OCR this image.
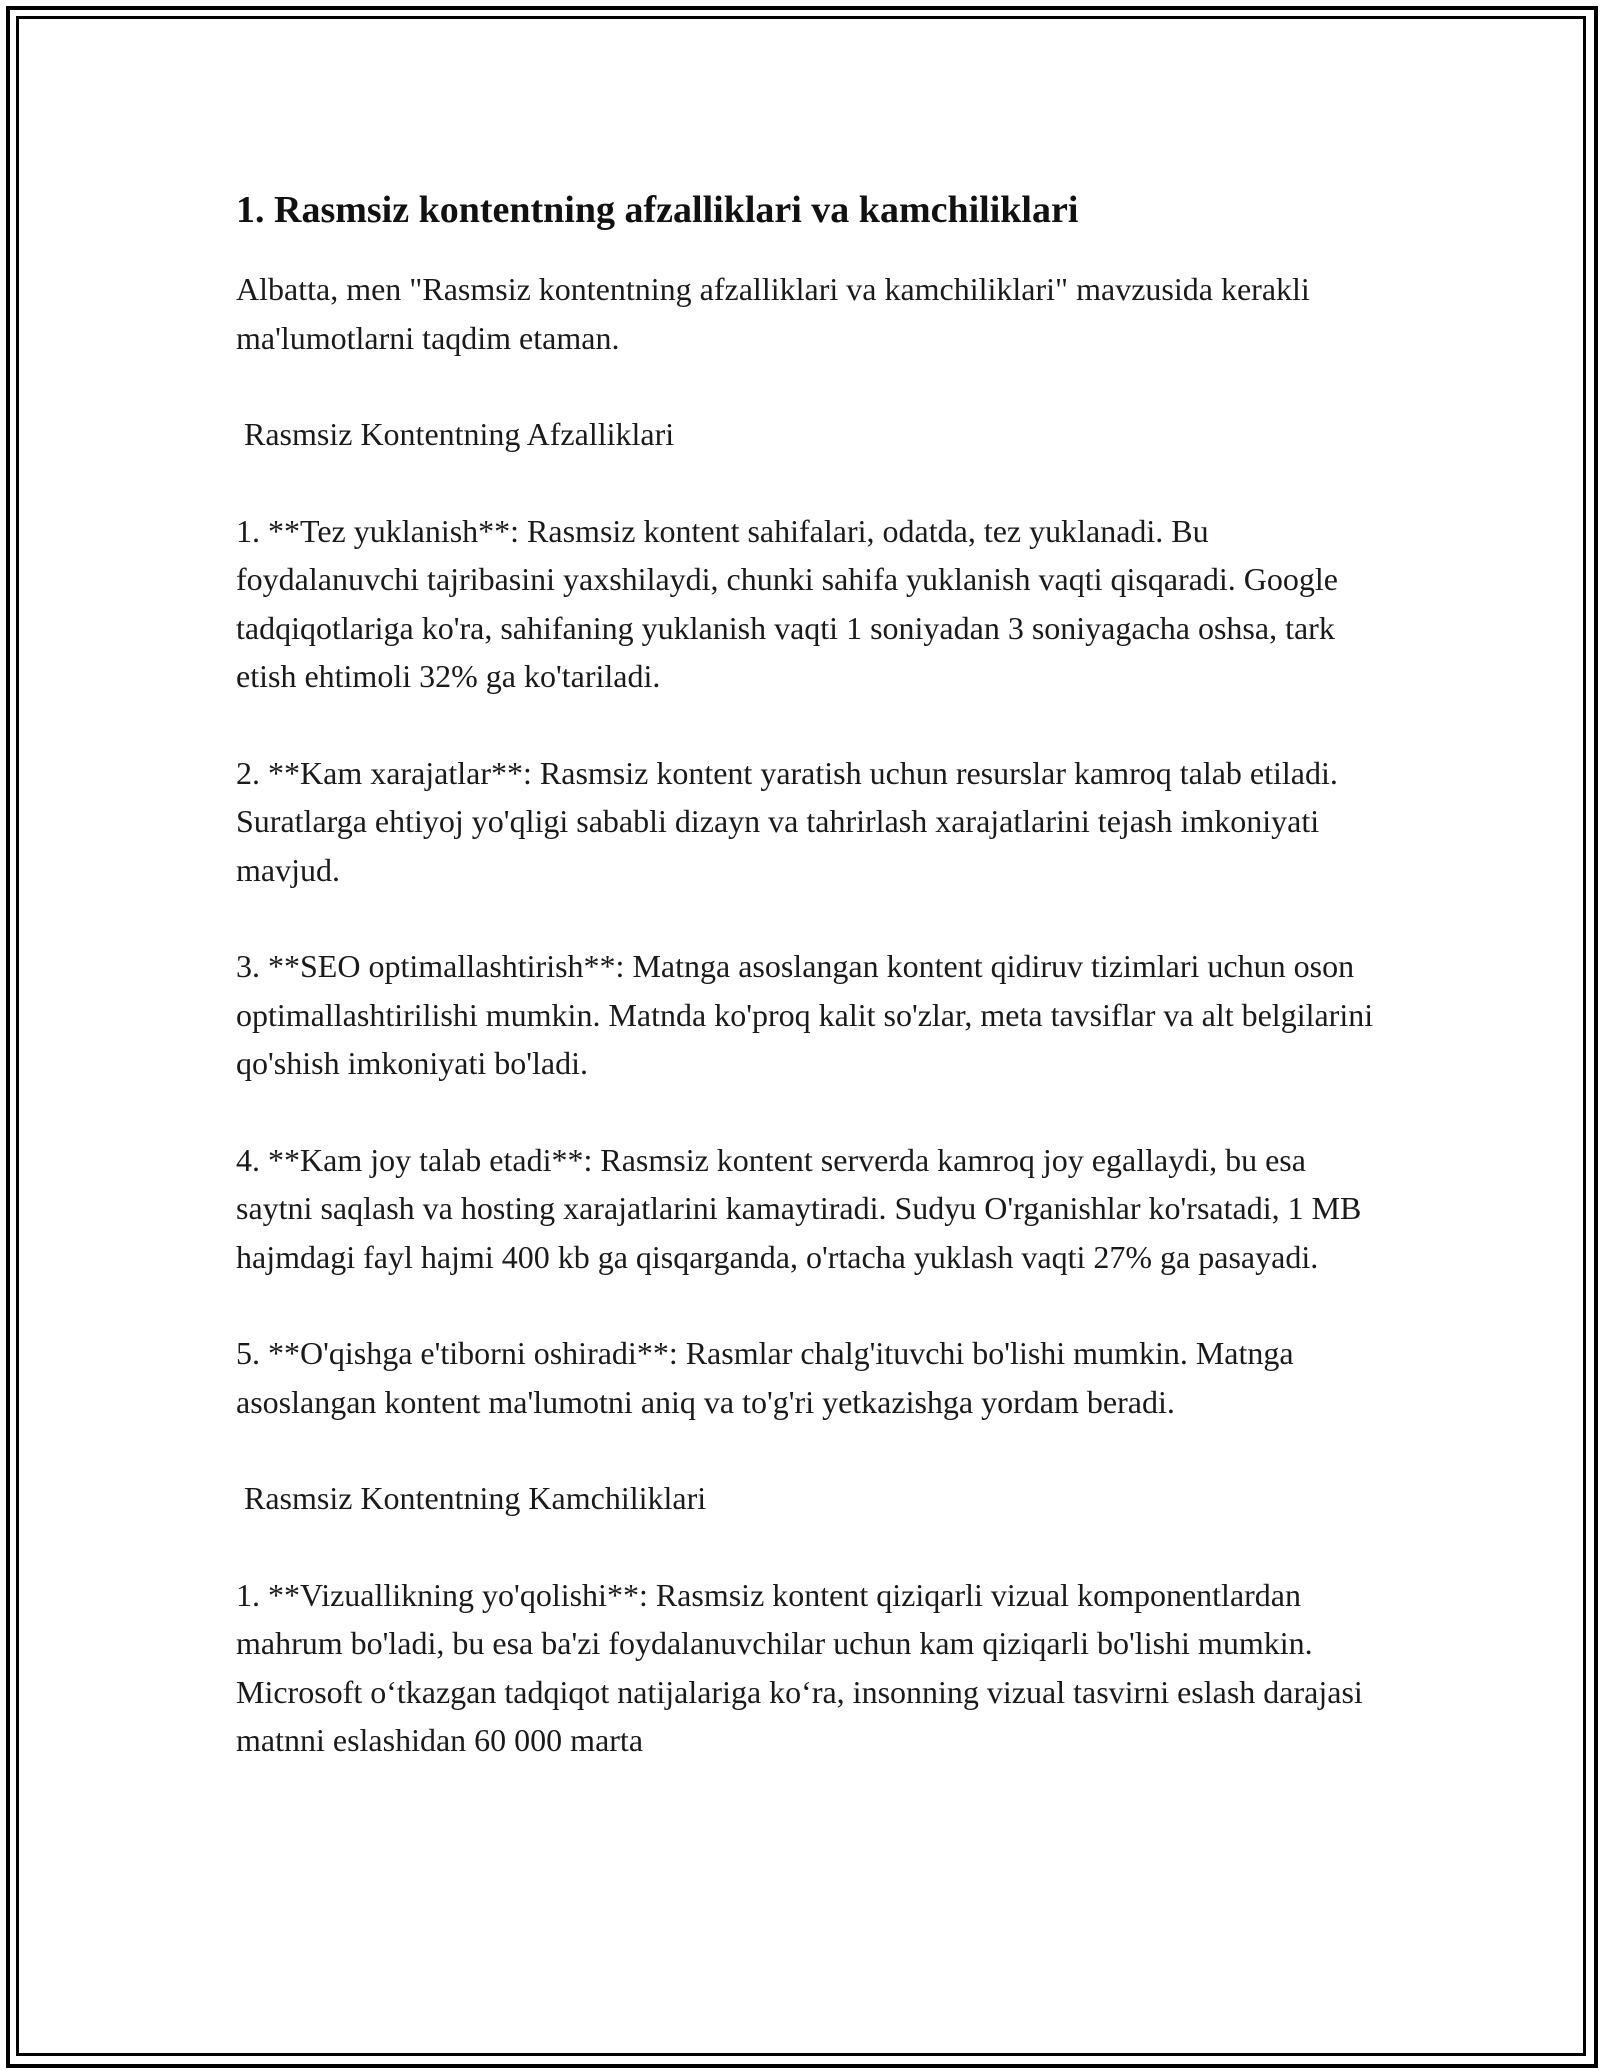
1. Rasmsiz kontentning afzalliklari va kamchiliklari

Albatta, men "Rasmsiz kontentning afzalliklari va kamchiliklari" mavzusida kerakli ma'lumotlarni taqdim etaman.

Rasmsiz Kontentning Afzalliklari

1. **Tez yuklanish**: Rasmsiz kontent sahifalari, odatda, tez yuklanadi. Bu foydalanuvchi tajribasini yaxshilaydi, chunki sahifa yuklanish vaqti qisqaradi. Google tadqiqotlariga ko'ra, sahifaning yuklanish vaqti 1 soniyadan 3 soniyagacha oshsa, tark etish ehtimoli 32% ga ko'tariladi.

2. **Kam xarajatlar**: Rasmsiz kontent yaratish uchun resurslar kamroq talab etiladi. Suratlarga ehtiyoj yo'qligi sababli dizayn va tahrirlash xarajatlarini tejash imkoniyati mavjud.

3. **SEO optimallashtirish**: Matnga asoslangan kontent qidiruv tizimlari uchun oson optimallashtirilishi mumkin. Matnda ko'proq kalit so'zlar, meta tavsiflar va alt belgilarini qo'shish imkoniyati bo'ladi.

4. **Kam joy talab etadi**: Rasmsiz kontent serverda kamroq joy egallaydi, bu esa saytni saqlash va hosting xarajatlarini kamaytiradi. Sudyu O'rganishlar ko'rsatadi, 1 MB hajmdagi fayl hajmi 400 kb ga qisqarganda, o'rtacha yuklash vaqti 27% ga pasayadi.

5. **O'qishga e'tiborni oshiradi**: Rasmlar chalg'ituvchi bo'lishi mumkin. Matnga asoslangan kontent ma'lumotni aniq va to'g'ri yetkazishga yordam beradi.

Rasmsiz Kontentning Kamchiliklari

1. **Vizuallikning yo'qolishi**: Rasmsiz kontent qiziqarli vizual komponentlardan mahrum bo'ladi, bu esa ba'zi foydalanuvchilar uchun kam qiziqarli bo'lishi mumkin. Microsoft o‘tkazgan tadqiqot natijalariga ko‘ra, insonning vizual tasvirni eslash darajasi matnni eslashidan 60 000 marta
